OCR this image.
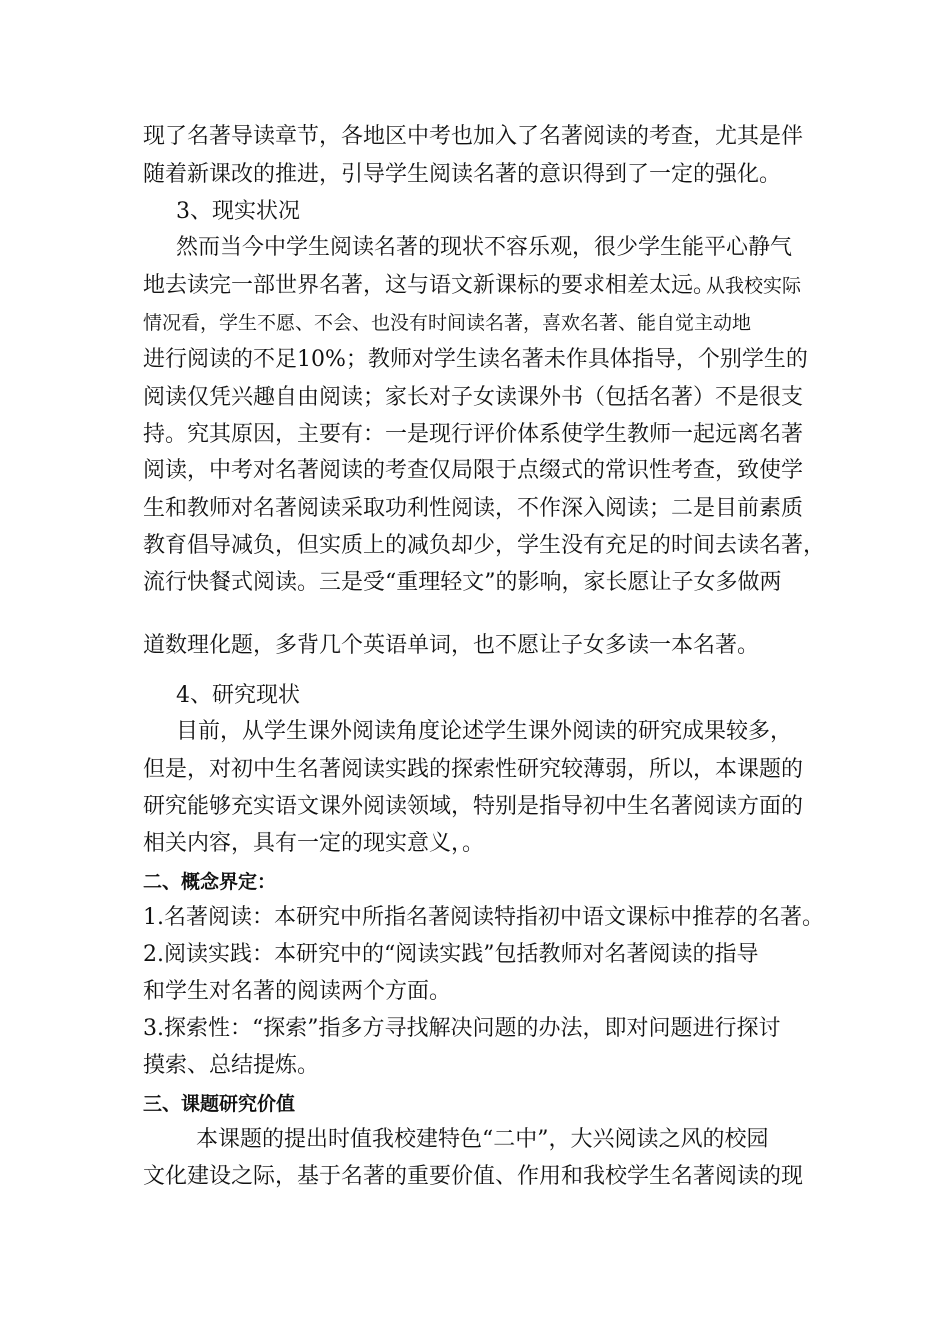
现了名著导读章节，各地区中考也加入了名著阅读的考查，尤其是伴
随着新课改的推进，引导学生阅读名著的意识得到了一定的强化。
3、现实状况
然而当今中学生阅读名著的现状不容乐观，很少学生能平心静气
地去读完一部世界名著，这与语文新课标的要求相差太远。
从我校实际
情况看，学生不愿、不会、也没有时间读名著，喜欢名著、能自觉主动地
进行阅读的不足10%；教师对学生读名著未作具体指导，个别学生的
阅读仅凭兴趣自由阅读；家长对子女读课外书（包括名著）不是很支
持。究其原因，主要有：一是现行评价体系使学生教师一起远离名著
阅读，中考对名著阅读的考查仅局限于点缀式的常识性考查，致使学
生和教师对名著阅读采取功利性阅读，不作深入阅读；二是目前素质
教育倡导减负，但实质上的减负却少，学生没有充足的时间去读名著，
流行快餐式阅读。三是受“重理轻文”的影响，家长愿让子女多做两
道数理化题，多背几个英语单词，也不愿让子女多读一本名著。
4、研究现状
目前，从学生课外阅读角度论述学生课外阅读的研究成果较多，
但是，对初中生名著阅读实践的探索性研究较薄弱，所以，本课题的
研究能够充实语文课外阅读领域，特别是指导初中生名著阅读方面的
相关内容，具有一定的现实意义，。
二、概念界定：
1.名著阅读：本研究中所指名著阅读特指初中语文课标中推荐的名著。
2.阅读实践：本研究中的“阅读实践”包括教师对名著阅读的指导
和学生对名著的阅读两个方面。
3.探索性：“探索”指多方寻找解决问题的办法，即对问题进行探讨
摸索、总结提炼。
三、课题研究价值
本课题的提出时值我校建特色“二中”，大兴阅读之风的校园
文化建设之际，基于名著的重要价值、作用和我校学生名著阅读的现
